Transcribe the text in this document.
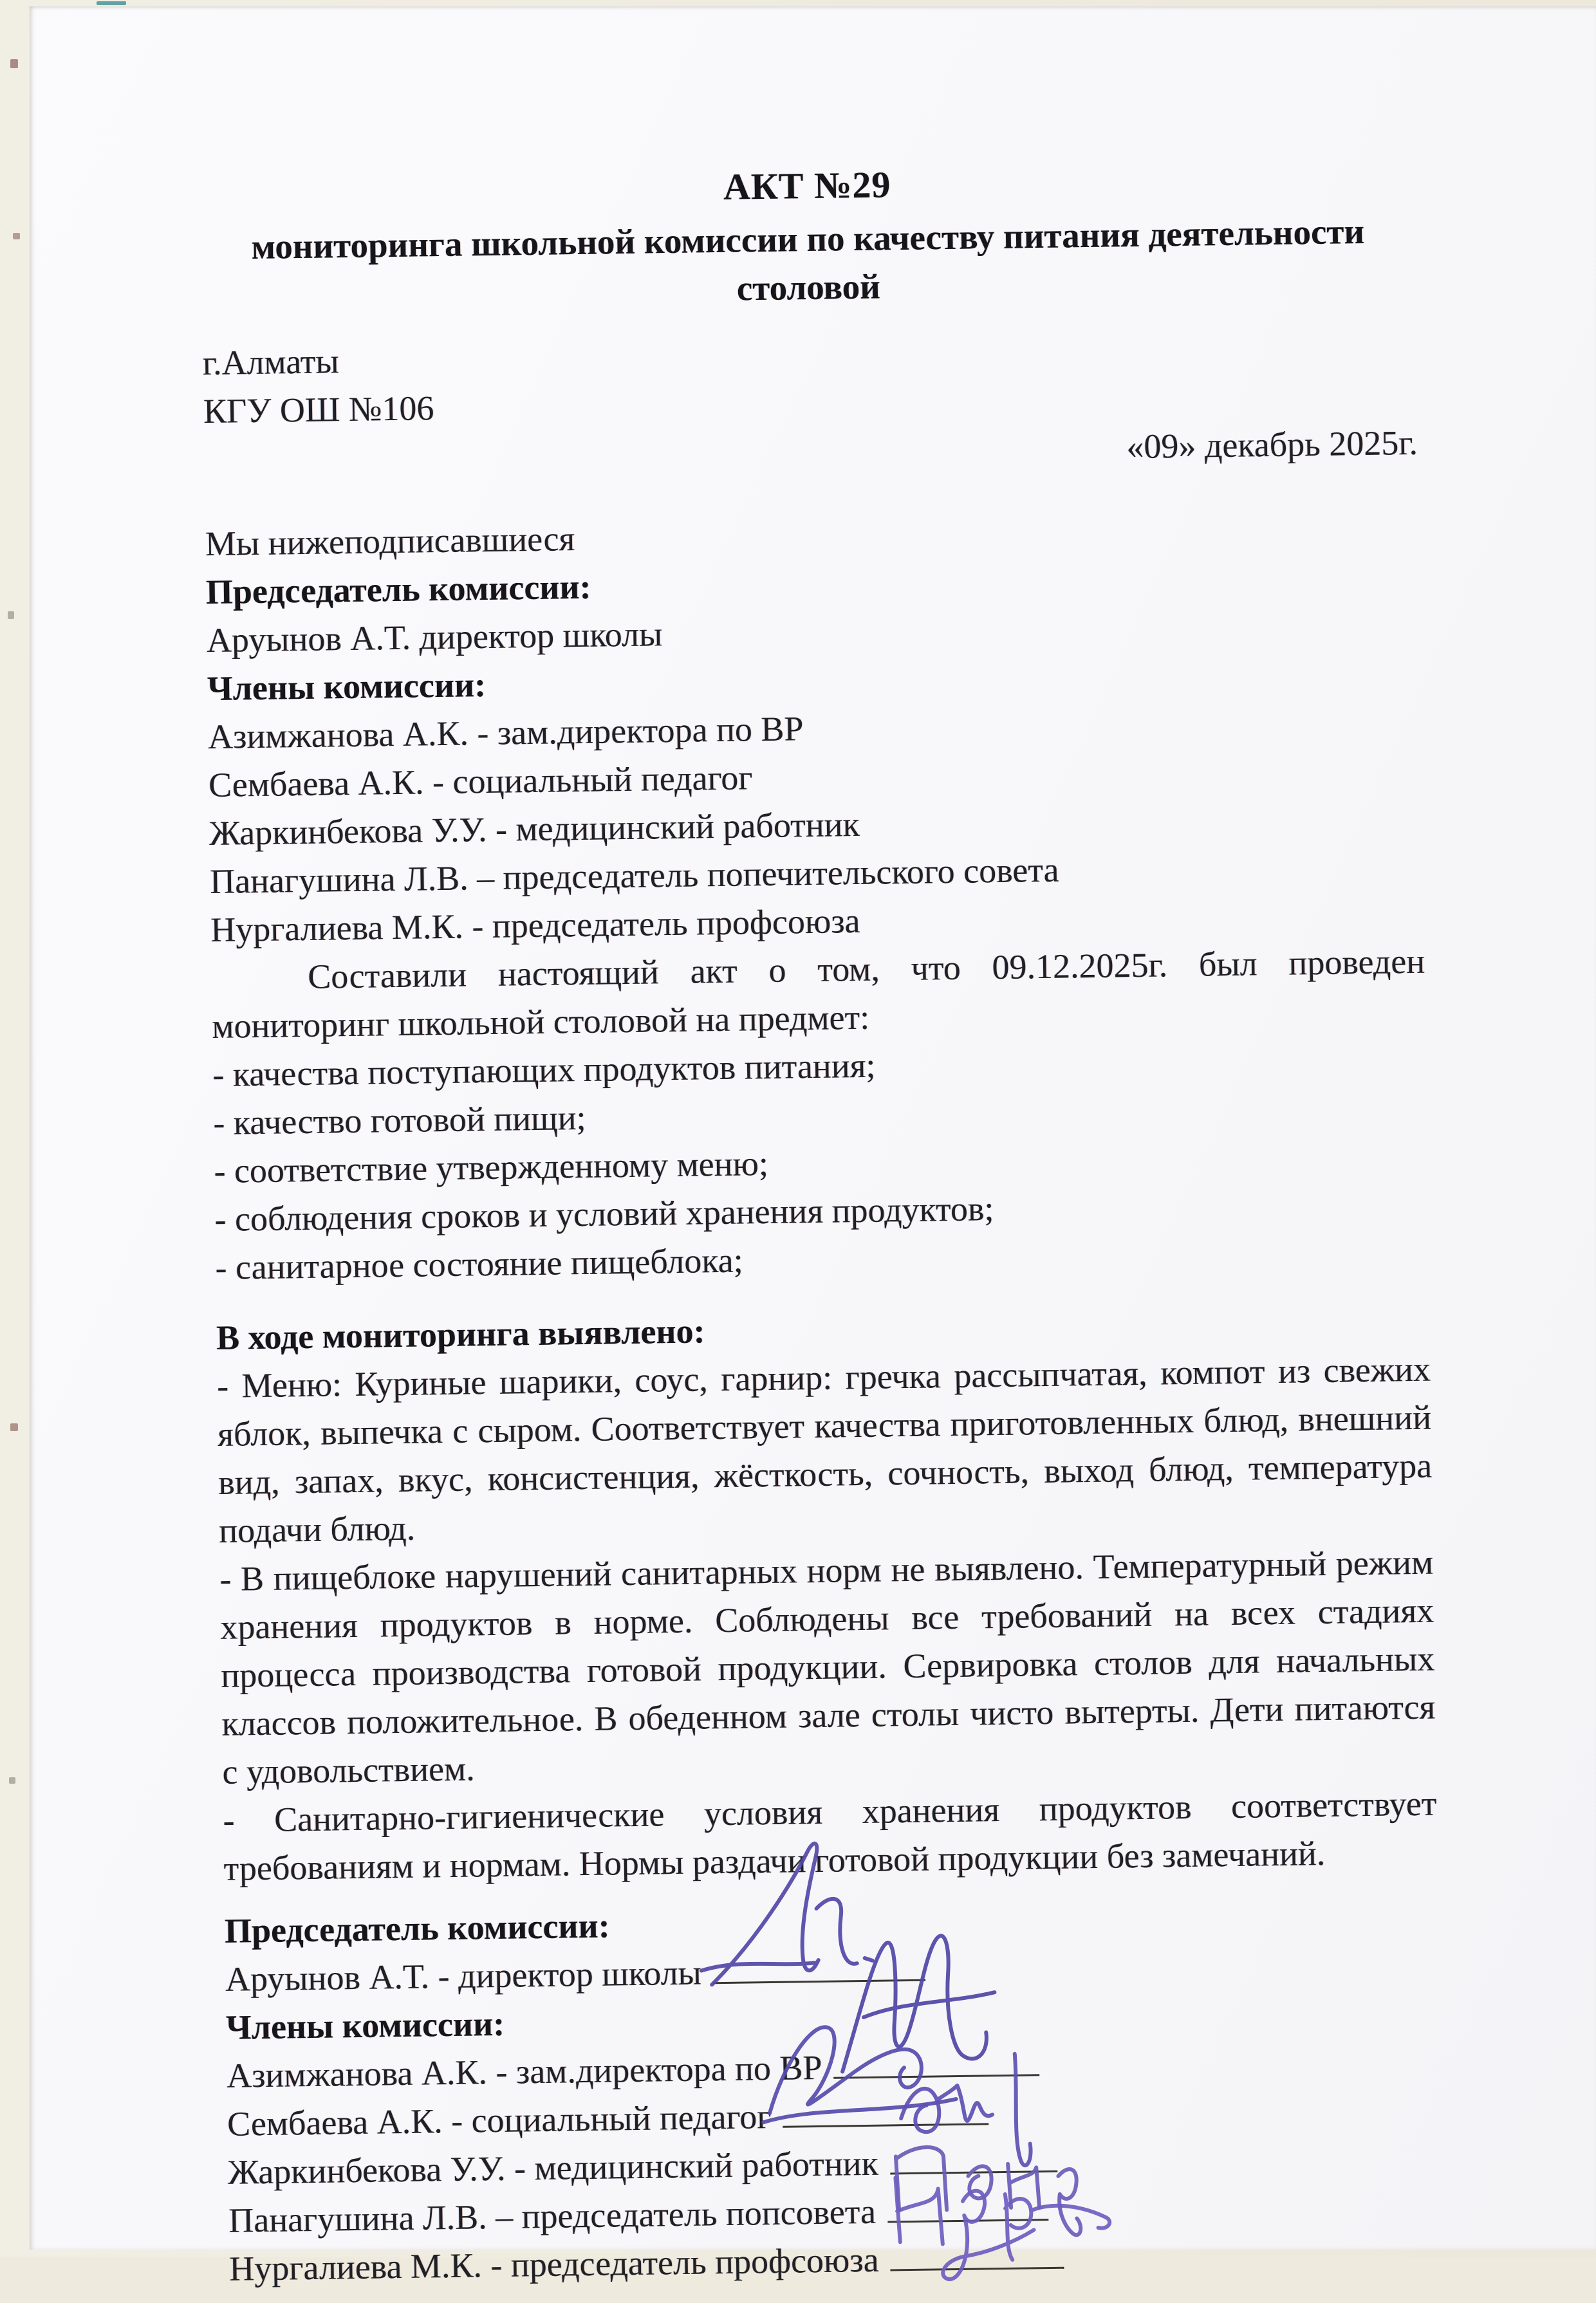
АКТ №29
мониторинга школьной комиссии по качеству питания деятельности столовой
г.Алматы
КГУ ОШ №106
«09» декабрь 2025г.
Мы нижеподписавшиеся
Председатель комиссии:
Аруынов А.Т. директор школы
Члены комиссии:
Азимжанова А.К. - зам.директора по ВР
Сембаева А.К. - социальный педагог
Жаркинбекова У.У. - медицинский работник
Панагушина Л.В. – председатель попечительского совета
Нургалиева М.К. - председатель профсоюза
Составили настоящий акт о том, что 09.12.2025г. был проведен мониторинг школьной столовой на предмет:
- качества поступающих продуктов питания;
- качество готовой пищи;
- соответствие утвержденному меню;
- соблюдения сроков и условий хранения продуктов;
- санитарное состояние пищеблока;
В ходе мониторинга выявлено:
- Меню: Куриные шарики, соус, гарнир: гречка рассыпчатая, компот из свежих яблок, выпечка с сыром. Соответствует качества приготовленных блюд, внешний вид, запах, вкус, консистенция, жёсткость, сочность, выход блюд, температура подачи блюд.
- В пищеблоке нарушений санитарных норм не выявлено. Температурный режим хранения продуктов в норме. Соблюдены все требований на всех стадиях процесса производства готовой продукции. Сервировка столов для начальных классов положительное. В обеденном зале столы чисто вытерты. Дети питаются с удовольствием.
- Санитарно-гигиенические условия хранения продуктов соответствует требованиям и нормам. Нормы раздачи готовой продукции без замечаний.
Председатель комиссии:
Аруынов А.Т. - директор школы
Члены комиссии:
Азимжанова А.К. - зам.директора по ВР
Сембаева А.К. - социальный педагог
Жаркинбекова У.У. - медицинский работник
Панагушина Л.В. – председатель попсовета
Нургалиева М.К. - председатель профсоюза
